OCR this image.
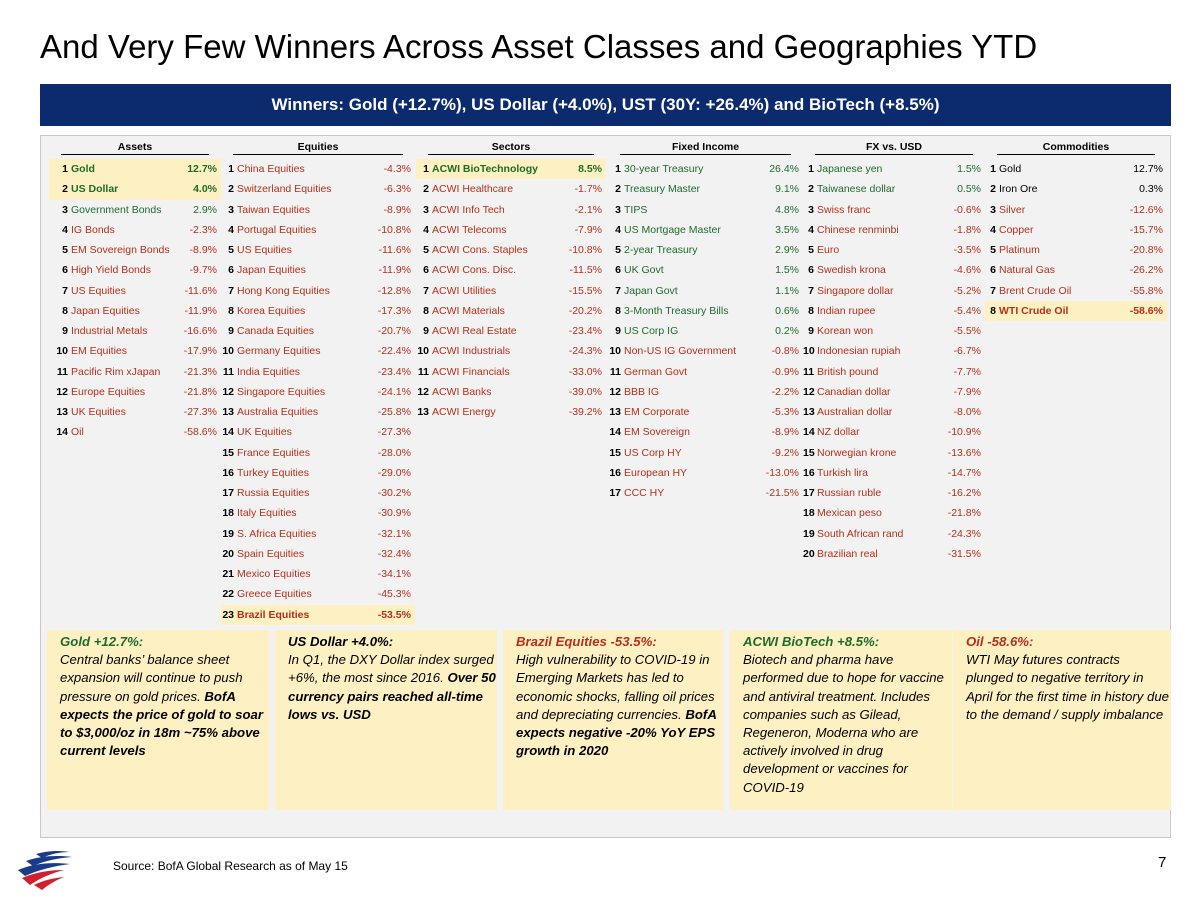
And Very Few Winners Across Asset Classes and Geographies YTD
Winners: Gold (+12.7%), US Dollar (+4.0%), UST (30Y: +26.4%) and BioTech (+8.5%)
Assets
1 Gold	12.7%
2 US Dollar	4.0%
3 Government Bonds	2.9%
4 IG Bonds	-2.3%
5 EM Sovereign Bonds	-8.9%
6 High Yield Bonds	-9.7%
7 US Equities	-11.6%
8 Japan Equities	-11.9%
9 Industrial Metals	-16.6%
10 EM Equities	-17.9%
11 Pacific Rim xJapan	-21.3%
12 Europe Equities	-21.8%
13 UK Equities	-27.3%
14 Oil	-58.6%
Equities
1 China Equities	-4.3%
2 Switzerland Equities	-6.3%
3 Taiwan Equities	-8.9%
4 Portugal Equities	-10.8%
5 US Equities	-11.6%
6 Japan Equities	-11.9%
7 Hong Kong Equities	-12.8%
8 Korea Equities	-17.3%
9 Canada Equities	-20.7%
10 Germany Equities	-22.4%
11 India Equities	-23.4%
12 Singapore Equities	-24.1%
13 Australia Equities	-25.8%
14 UK Equities	-27.3%
15 France Equities	-28.0%
16 Turkey Equities	-29.0%
17 Russia Equities	-30.2%
18 Italy Equities	-30.9%
19 S. Africa Equities	-32.1%
20 Spain Equities	-32.4%
21 Mexico Equities	-34.1%
22 Greece Equities	-45.3%
23 Brazil Equities	-53.5%
Sectors
1 ACWI BioTechnology	8.5%
2 ACWI Healthcare	-1.7%
3 ACWI Info Tech	-2.1%
4 ACWI Telecoms	-7.9%
5 ACWI Cons. Staples	-10.8%
6 ACWI Cons. Disc.	-11.5%
7 ACWI Utilities	-15.5%
8 ACWI Materials	-20.2%
9 ACWI Real Estate	-23.4%
10 ACWI Industrials	-24.3%
11 ACWI Financials	-33.0%
12 ACWI Banks	-39.0%
13 ACWI Energy	-39.2%
Fixed Income
1 30-year Treasury	26.4%
2 Treasury Master	9.1%
3 TIPS	4.8%
4 US Mortgage Master	3.5%
5 2-year Treasury	2.9%
6 UK Govt	1.5%
7 Japan Govt	1.1%
8 3-Month Treasury Bills	0.6%
9 US Corp IG	0.2%
10 Non-US IG Government	-0.8%
11 German Govt	-0.9%
12 BBB IG	-2.2%
13 EM Corporate	-5.3%
14 EM Sovereign	-8.9%
15 US Corp HY	-9.2%
16 European HY	-13.0%
17 CCC HY	-21.5%
FX vs. USD
1 Japanese yen	1.5%
2 Taiwanese dollar	0.5%
3 Swiss franc	-0.6%
4 Chinese renminbi	-1.8%
5 Euro	-3.5%
6 Swedish krona	-4.6%
7 Singapore dollar	-5.2%
8 Indian rupee	-5.4%
9 Korean won	-5.5%
10 Indonesian rupiah	-6.7%
11 British pound	-7.7%
12 Canadian dollar	-7.9%
13 Australian dollar	-8.0%
14 NZ dollar	-10.9%
15 Norwegian krone	-13.6%
16 Turkish lira	-14.7%
17 Russian ruble	-16.2%
18 Mexican peso	-21.8%
19 South African rand	-24.3%
20 Brazilian real	-31.5%
Commodities
1 Gold	12.7%
2 Iron Ore	0.3%
3 Silver	-12.6%
4 Copper	-15.7%
5 Platinum	-20.8%
6 Natural Gas	-26.2%
7 Brent Crude Oil	-55.8%
8 WTI Crude Oil	-58.6%
Gold +12.7%:
Central banks’ balance sheet expansion will continue to push pressure on gold prices. BofA expects the price of gold to soar to $3,000/oz in 18m ~75% above current levels
US Dollar +4.0%:
In Q1, the DXY Dollar index surged +6%, the most since 2016. Over 50 currency pairs reached all-time lows vs. USD
Brazil Equities -53.5%:
High vulnerability to COVID-19 in Emerging Markets has led to economic shocks, falling oil prices and depreciating currencies. BofA expects negative -20% YoY EPS growth in 2020
ACWI BioTech +8.5%:
Biotech and pharma have performed due to hope for vaccine and antiviral treatment. Includes companies such as Gilead, Regeneron, Moderna who are actively involved in drug development or vaccines for COVID-19
Oil -58.6%:
WTI May futures contracts plunged to negative territory in April for the first time in history due to the demand / supply imbalance
Source: BofA Global Research as of May 15	7
